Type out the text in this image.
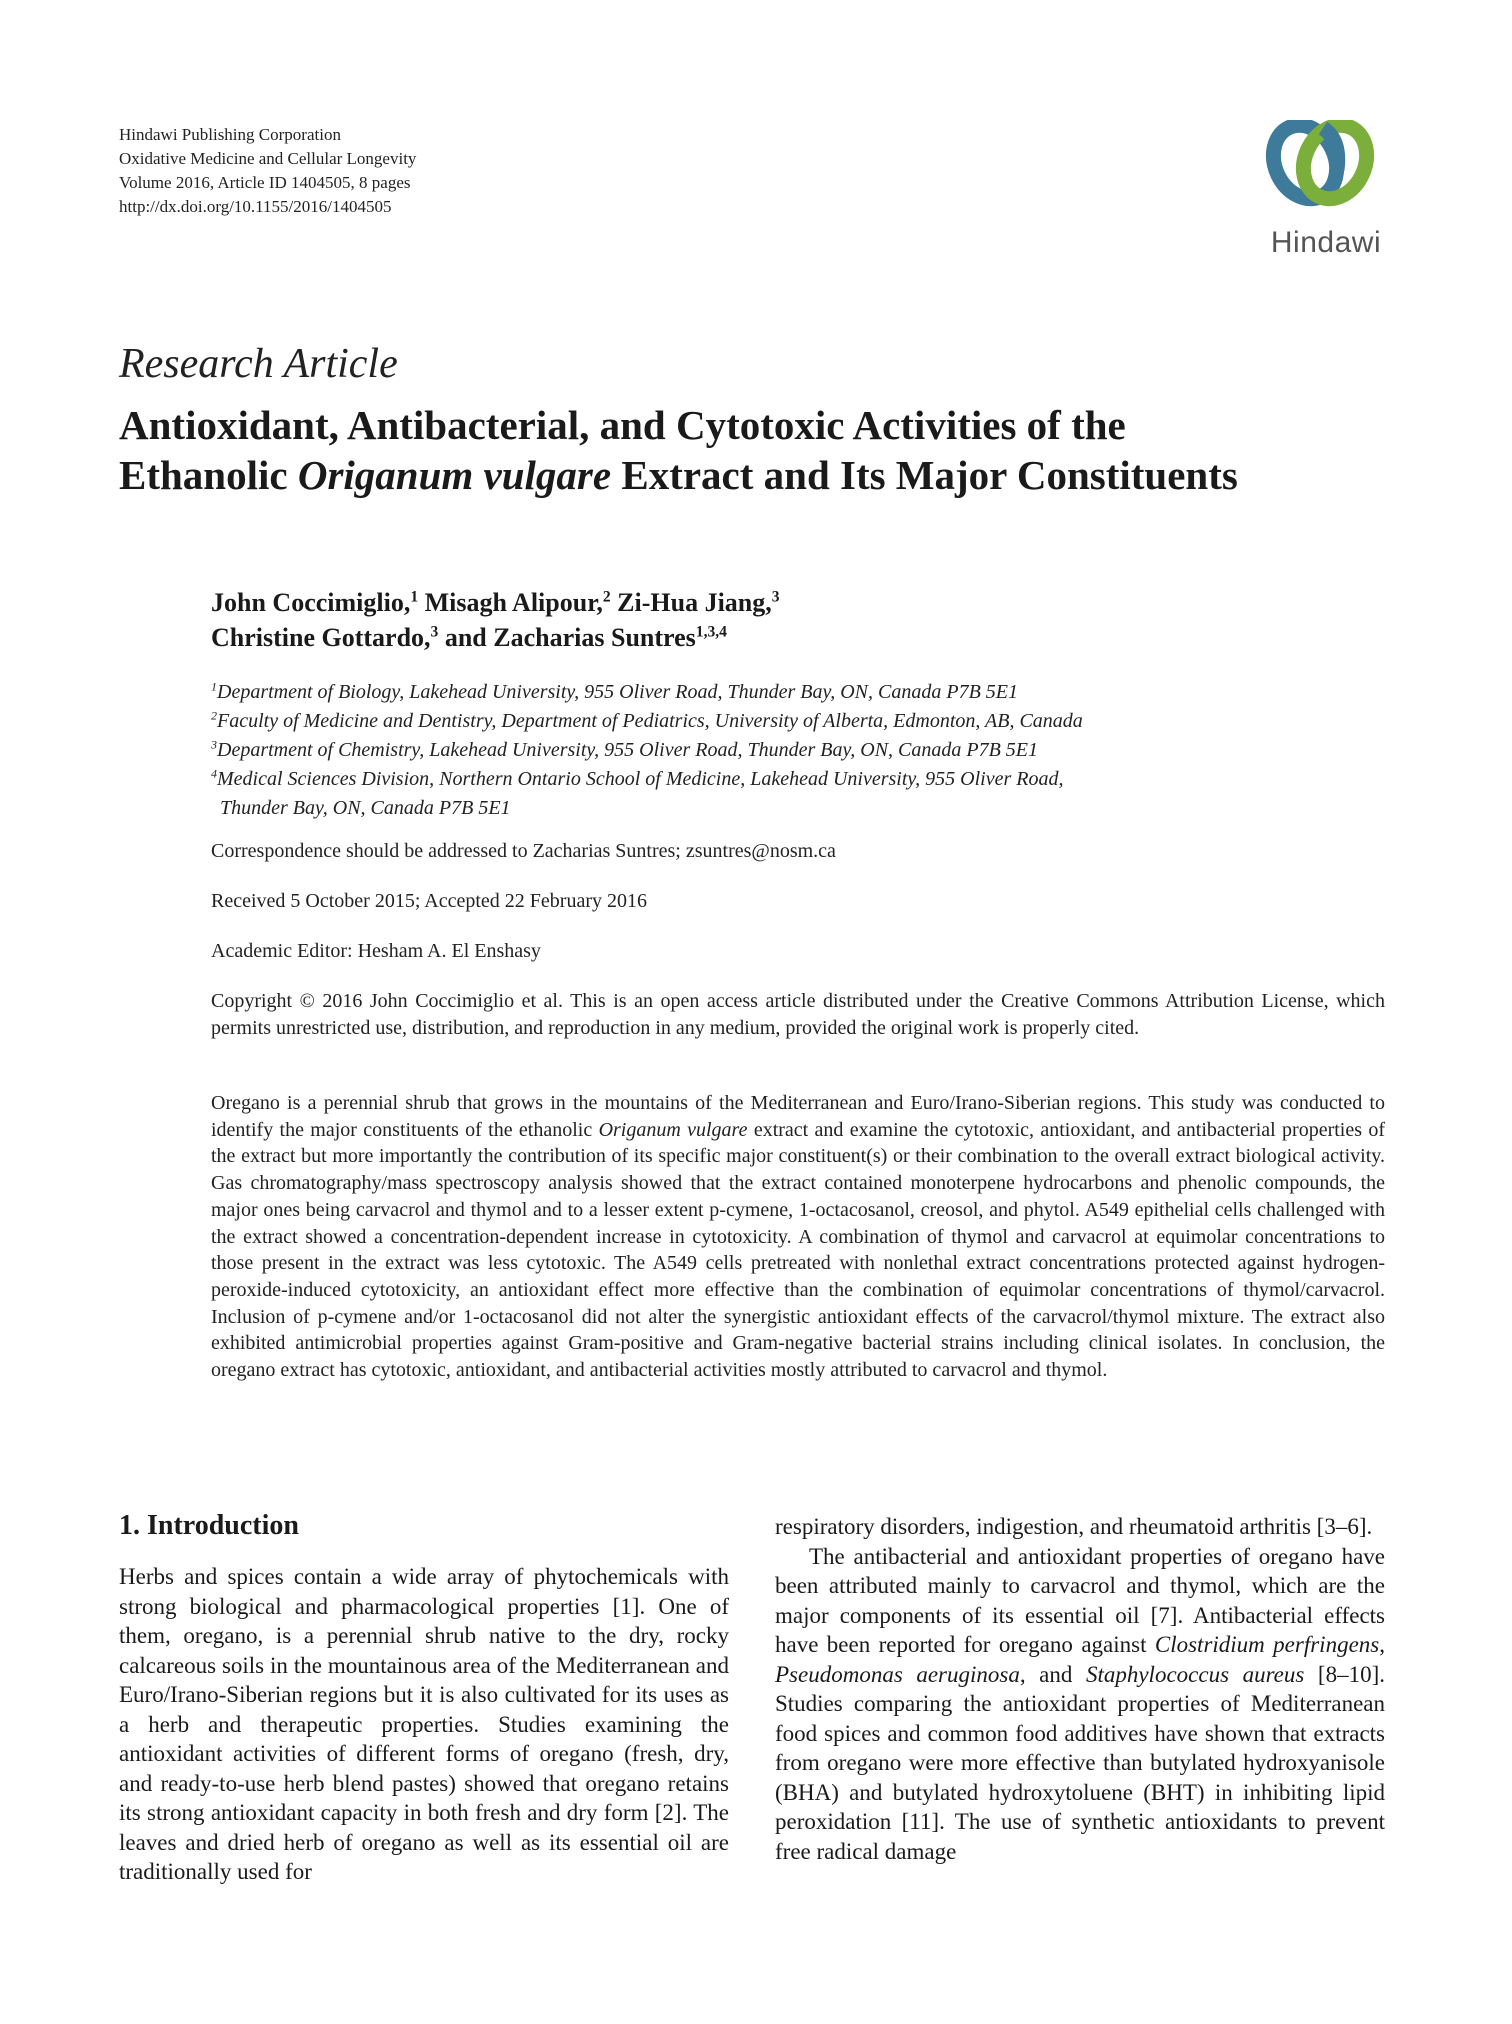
Hindawi Publishing Corporation
Oxidative Medicine and Cellular Longevity
Volume 2016, Article ID 1404505, 8 pages
http://dx.doi.org/10.1155/2016/1404505
Hindawi
Research Article
Antioxidant, Antibacterial, and Cytotoxic Activities of the
Ethanolic Origanum vulgare Extract and Its Major Constituents
John Coccimiglio,$^1$ Misagh Alipour,$^2$ Zi-Hua Jiang,$^3$
Christine Gottardo,$^3$ and Zacharias Suntres$^{1,3,4}$
$^1$Department of Biology, Lakehead University, 955 Oliver Road, Thunder Bay, ON, Canada P7B 5E1
$^2$Faculty of Medicine and Dentistry, Department of Pediatrics, University of Alberta, Edmonton, AB, Canada
$^3$Department of Chemistry, Lakehead University, 955 Oliver Road, Thunder Bay, ON, Canada P7B 5E1
$^4$Medical Sciences Division, Northern Ontario School of Medicine, Lakehead University, 955 Oliver Road,
Thunder Bay, ON, Canada P7B 5E1
Correspondence should be addressed to Zacharias Suntres; zsuntres@nosm.ca
Received 5 October 2015; Accepted 22 February 2016
Academic Editor: Hesham A. El Enshasy
Copyright © 2016 John Coccimiglio et al. This is an open access article distributed under the Creative Commons Attribution License, which permits unrestricted use, distribution, and reproduction in any medium, provided the original work is properly cited.
Oregano is a perennial shrub that grows in the mountains of the Mediterranean and Euro/Irano-Siberian regions. This study was conducted to identify the major constituents of the ethanolic Origanum vulgare extract and examine the cytotoxic, antioxidant, and antibacterial properties of the extract but more importantly the contribution of its specific major constituent(s) or their combination to the overall extract biological activity. Gas chromatography/mass spectroscopy analysis showed that the extract contained monoterpene hydrocarbons and phenolic compounds, the major ones being carvacrol and thymol and to a lesser extent p-cymene, 1-octacosanol, creosol, and phytol. A549 epithelial cells challenged with the extract showed a concentration-dependent increase in cytotoxicity. A combination of thymol and carvacrol at equimolar concentrations to those present in the extract was less cytotoxic. The A549 cells pretreated with nonlethal extract concentrations protected against hydrogen-peroxide-induced cytotoxicity, an antioxidant effect more effective than the combination of equimolar concentrations of thymol/carvacrol. Inclusion of p-cymene and/or 1-octacosanol did not alter the synergistic antioxidant effects of the carvacrol/thymol mixture. The extract also exhibited antimicrobial properties against Gram-positive and Gram-negative bacterial strains including clinical isolates. In conclusion, the oregano extract has cytotoxic, antioxidant, and antibacterial activities mostly attributed to carvacrol and thymol.
1. Introduction

Herbs and spices contain a wide array of phytochemicals with strong biological and pharmacological properties [1]. One of them, oregano, is a perennial shrub native to the dry, rocky calcareous soils in the mountainous area of the Mediterranean and Euro/Irano-Siberian regions but it is also cultivated for its uses as a herb and therapeutic properties. Studies examining the antioxidant activities of different forms of oregano (fresh, dry, and ready-to-use herb blend pastes) showed that oregano retains its strong antioxidant capacity in both fresh and dry form [2]. The leaves and dried herb of oregano as well as its essential oil are traditionally used for

respiratory disorders, indigestion, and rheumatoid arthritis [3–6].

The antibacterial and antioxidant properties of oregano have been attributed mainly to carvacrol and thymol, which are the major components of its essential oil [7]. Antibacterial effects have been reported for oregano against Clostridium perfringens, Pseudomonas aeruginosa, and Staphylococcus aureus [8–10]. Studies comparing the antioxidant properties of Mediterranean food spices and common food additives have shown that extracts from oregano were more effective than butylated hydroxyanisole (BHA) and butylated hydroxytoluene (BHT) in inhibiting lipid peroxidation [11]. The use of synthetic antioxidants to prevent free radical damage
